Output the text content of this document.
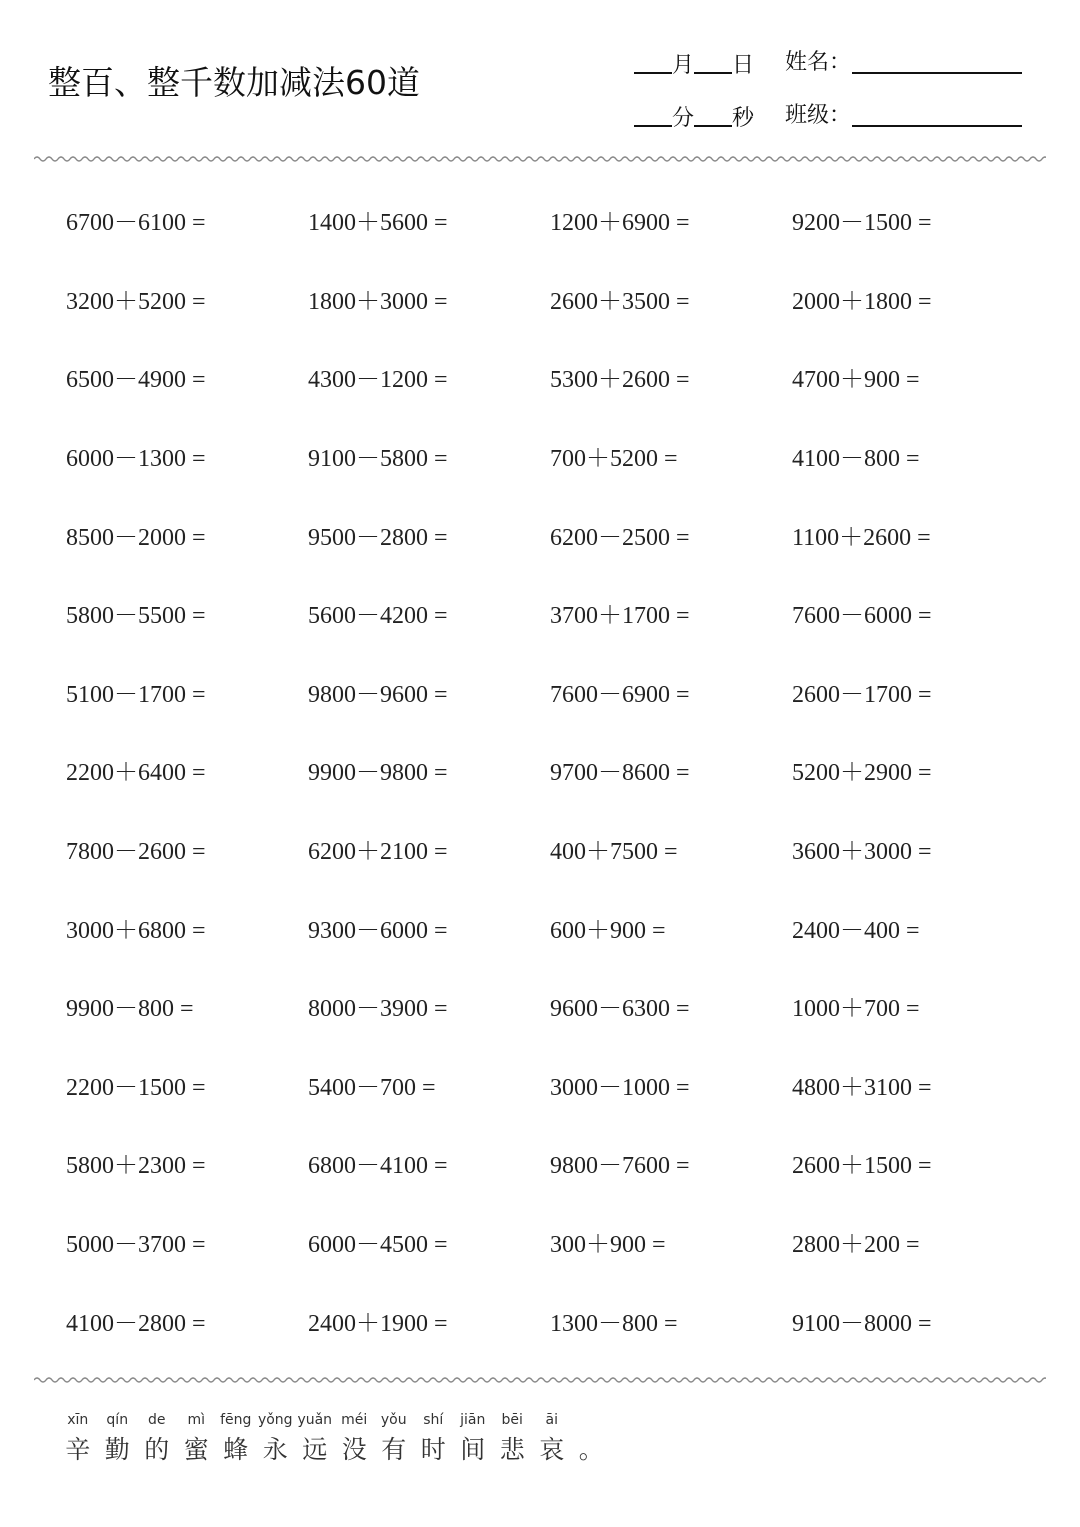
整百、整千数加减法60道	月 日 姓名：
分 秒 班级：
6700－6100 =	1400＋5600 =	1200＋6900 =	9200－1500 =
3200＋5200 =	1800＋3000 =	2600＋3500 =	2000＋1800 =
6500－4900 =	4300－1200 =	5300＋2600 =	4700＋900 =
6000－1300 =	9100－5800 =	700＋5200 =	4100－800 =
8500－2000 =	9500－2800 =	6200－2500 =	1100＋2600 =
5800－5500 =	5600－4200 =	3700＋1700 =	7600－6000 =
5100－1700 =	9800－9600 =	7600－6900 =	2600－1700 =
2200＋6400 =	9900－9800 =	9700－8600 =	5200＋2900 =
7800－2600 =	6200＋2100 =	400＋7500 =	3600＋3000 =
3000＋6800 =	9300－6000 =	600＋900 =	2400－400 =
9900－800 =	8000－3900 =	9600－6300 =	1000＋700 =
2200－1500 =	5400－700 =	3000－1000 =	4800＋3100 =
5800＋2300 =	6800－4100 =	9800－7600 =	2600＋1500 =
5000－3700 =	6000－4500 =	300＋900 =	2800＋200 =
4100－2800 =	2400＋1900 =	1300－800 =	9100－8000 =
xīn	qín	de	mì	fēng yǒng yuǎn méi yǒu	shí	jiān	bēi	āi
辛 勤 的 蜜 蜂 永 远 没 有 时 间 悲 哀 。
